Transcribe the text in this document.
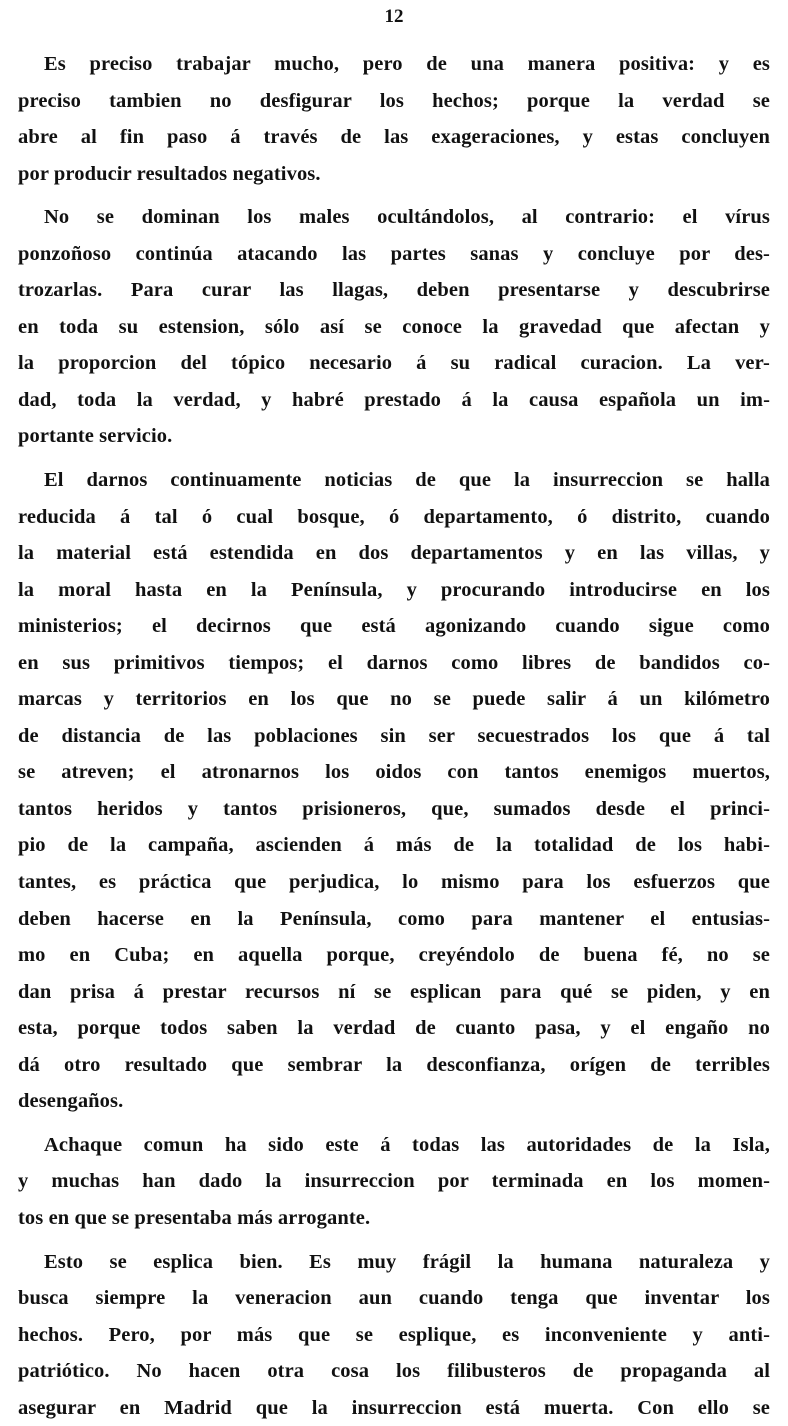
12
Es preciso trabajar mucho, pero de una manera positiva: y es
preciso tambien no desfigurar los hechos; porque la verdad se
abre al fin paso á través de las exageraciones, y estas concluyen
por producir resultados negativos.
No se dominan los males ocultándolos, al contrario: el vírus
ponzoñoso continúa atacando las partes sanas y concluye por des-
trozarlas. Para curar las llagas, deben presentarse y descubrirse
en toda su estension, sólo así se conoce la gravedad que afectan y
la proporcion del tópico necesario á su radical curacion. La ver-
dad, toda la verdad, y habré prestado á la causa española un im-
portante servicio.
El darnos continuamente noticias de que la insurreccion se halla
reducida á tal ó cual bosque, ó departamento, ó distrito, cuando
la material está estendida en dos departamentos y en las villas, y
la moral hasta en la Península, y procurando introducirse en los
ministerios; el decirnos que está agonizando cuando sigue como
en sus primitivos tiempos; el darnos como libres de bandidos co-
marcas y territorios en los que no se puede salir á un kilómetro
de distancia de las poblaciones sin ser secuestrados los que á tal
se atreven; el atronarnos los oidos con tantos enemigos muertos,
tantos heridos y tantos prisioneros, que, sumados desde el princi-
pio de la campaña, ascienden á más de la totalidad de los habi-
tantes, es práctica que perjudica, lo mismo para los esfuerzos que
deben hacerse en la Península, como para mantener el entusias-
mo en Cuba; en aquella porque, creyéndolo de buena fé, no se
dan prisa á prestar recursos ní se esplican para qué se piden, y en
esta, porque todos saben la verdad de cuanto pasa, y el engaño no
dá otro resultado que sembrar la desconfianza, orígen de terribles
desengaños.
Achaque comun ha sido este á todas las autoridades de la Isla,
y muchas han dado la insurreccion por terminada en los momen-
tos en que se presentaba más arrogante.
Esto se esplica bien. Es muy frágil la humana naturaleza y
busca siempre la veneracion aun cuando tenga que inventar los
hechos. Pero, por más que se esplique, es inconveniente y anti-
patriótico. No hacen otra cosa los filibusteros de propaganda al
asegurar en Madrid que la insurreccion está muerta. Con ello se
